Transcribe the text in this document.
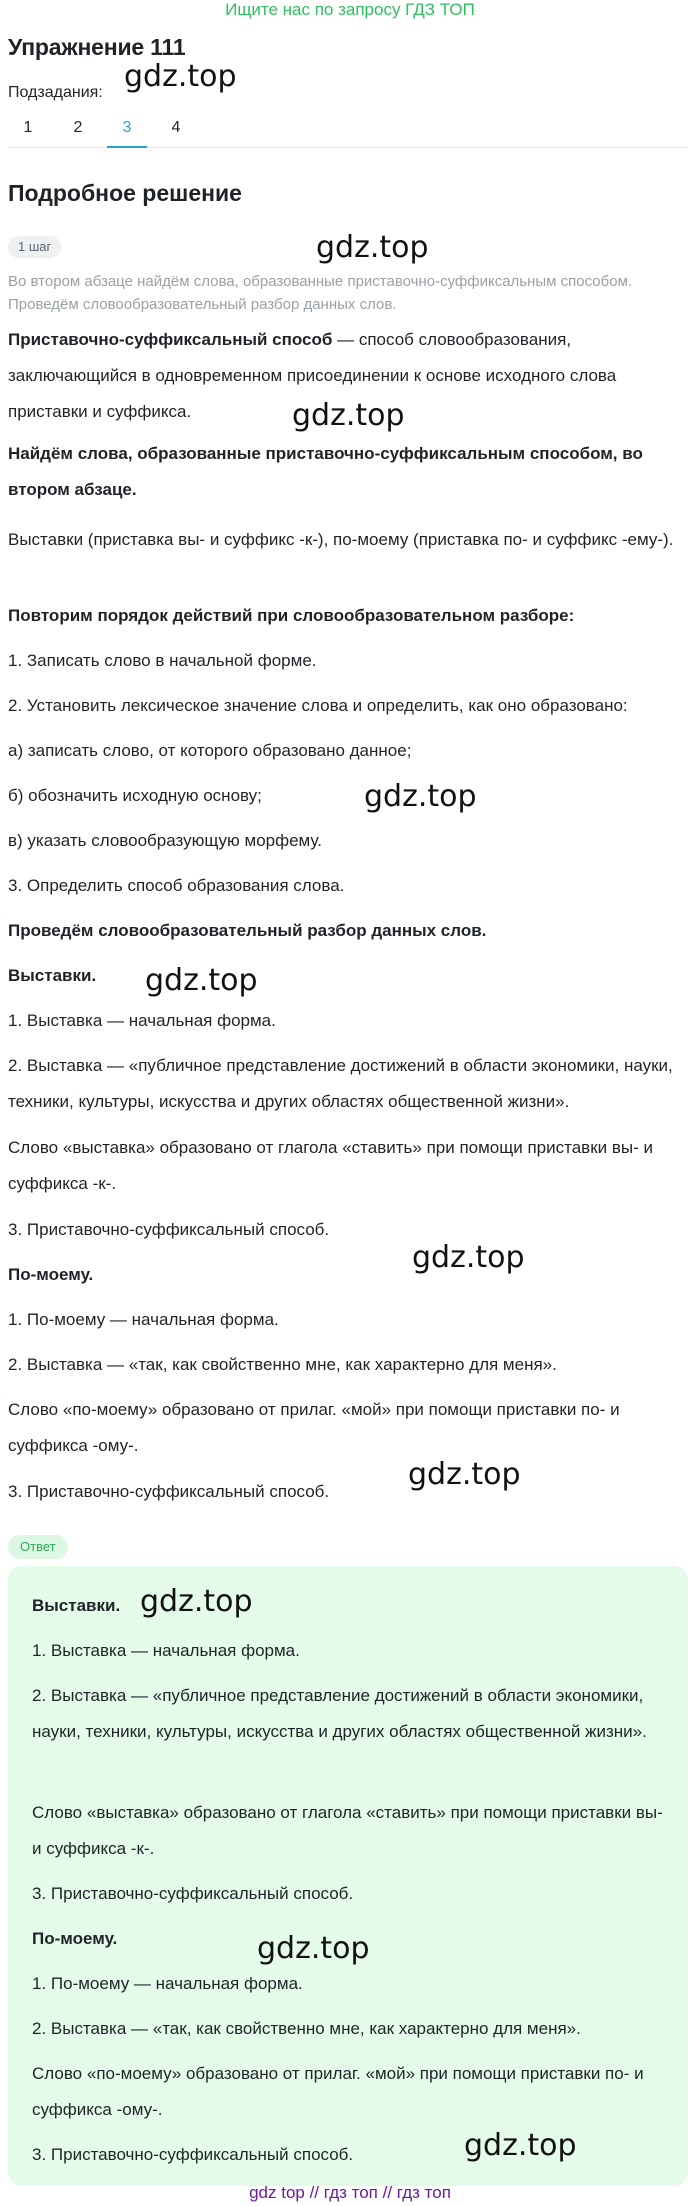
Ищите нас по запросу ГДЗ ТОП
Упражнение 111
Подзадания:
1	2	3	4
Подробное решение
1 шаг
Во втором абзаце найдём слова, образованные приставочно-суффиксальным способом. Проведём словообразовательный разбор данных слов.
Приставочно-суффиксальный способ — способ словообразования, заключающийся в одновременном присоединении к основе исходного слова приставки и суффикса.
Найдём слова, образованные приставочно-суффиксальным способом, во втором абзаце.
Выставки (приставка вы- и суффикс -к-), по-моему (приставка по- и суффикс -ему-).
Повторим порядок действий при словообразовательном разборе:
1. Записать слово в начальной форме.
2. Установить лексическое значение слова и определить, как оно образовано:
а) записать слово, от которого образовано данное;
б) обозначить исходную основу;
в) указать словообразующую морфему.
3. Определить способ образования слова.
Проведём словообразовательный разбор данных слов.
Выставки.
1. Выставка — начальная форма.
2. Выставка — «публичное представление достижений в области экономики, науки, техники, культуры, искусства и других областях общественной жизни».
Слово «выставка» образовано от глагола «ставить» при помощи приставки вы- и суффикса -к-.
3. Приставочно-суффиксальный способ.
По-моему.
1. По-моему — начальная форма.
2. Выставка — «так, как свойственно мне, как характерно для меня».
Слово «по-моему» образовано от прилаг. «мой» при помощи приставки по- и суффикса -ому-.
3. Приставочно-суффиксальный способ.
Ответ
Выставки.
1. Выставка — начальная форма.
2. Выставка — «публичное представление достижений в области экономики, науки, техники, культуры, искусства и других областях общественной жизни».
Слово «выставка» образовано от глагола «ставить» при помощи приставки вы- и суффикса -к-.
3. Приставочно-суффиксальный способ.
По-моему.
1. По-моему — начальная форма.
2. Выставка — «так, как свойственно мне, как характерно для меня».
Слово «по-моему» образовано от прилаг. «мой» при помощи приставки по- и суффикса -ому-.
3. Приставочно-суффиксальный способ.
gdz.top
gdz.top
gdz.top
gdz.top
gdz.top
gdz.top
gdz.top
gdz.top
gdz.top
gdz.top
gdz top // гдз топ // гдз топ
